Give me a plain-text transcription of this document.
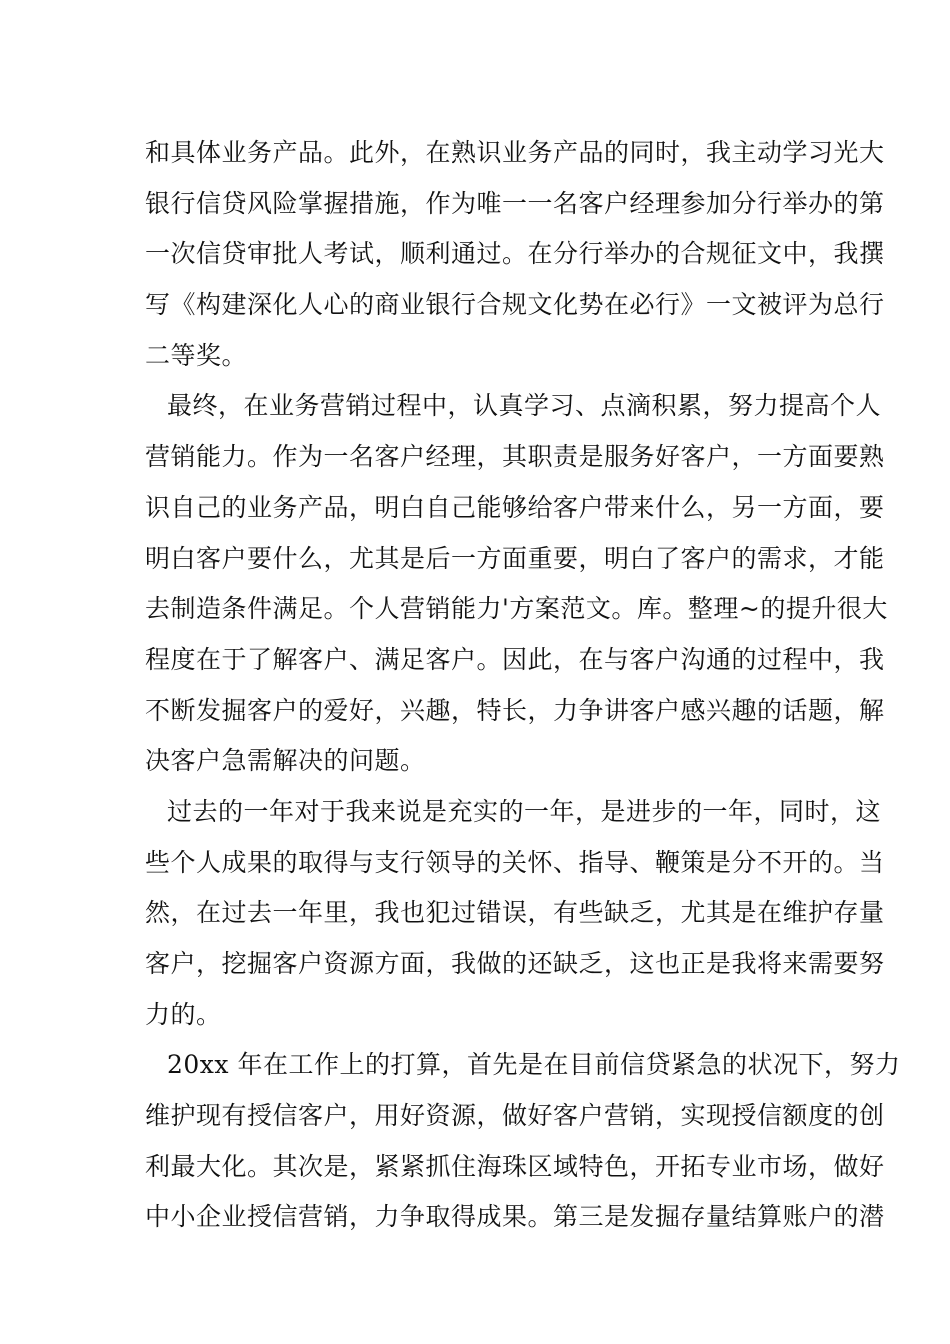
和具体业务产品。此外，在熟识业务产品的同时，我主动学习光大
银行信贷风险掌握措施，作为唯一一名客户经理参加分行举办的第
一次信贷审批人考试，顺利通过。在分行举办的合规征文中，我撰
写《构建深化人心的商业银行合规文化势在必行》一文被评为总行
二等奖。
最终，在业务营销过程中，认真学习、点滴积累，努力提高个人
营销能力。作为一名客户经理，其职责是服务好客户，一方面要熟
识自己的业务产品，明白自己能够给客户带来什么，另一方面，要
明白客户要什么，尤其是后一方面重要，明白了客户的需求，才能
去制造条件满足。个人营销能力'方案范文。库。整理~的提升很大
程度在于了解客户、满足客户。因此，在与客户沟通的过程中，我
不断发掘客户的爱好，兴趣，特长，力争讲客户感兴趣的话题，解
决客户急需解决的问题。
过去的一年对于我来说是充实的一年，是进步的一年，同时，这
些个人成果的取得与支行领导的关怀、指导、鞭策是分不开的。当
然，在过去一年里，我也犯过错误，有些缺乏，尤其是在维护存量
客户，挖掘客户资源方面，我做的还缺乏，这也正是我将来需要努
力的。
20xx 年在工作上的打算，首先是在目前信贷紧急的状况下，努力
维护现有授信客户，用好资源，做好客户营销，实现授信额度的创
利最大化。其次是，紧紧抓住海珠区域特色，开拓专业市场，做好
中小企业授信营销，力争取得成果。第三是发掘存量结算账户的潜
